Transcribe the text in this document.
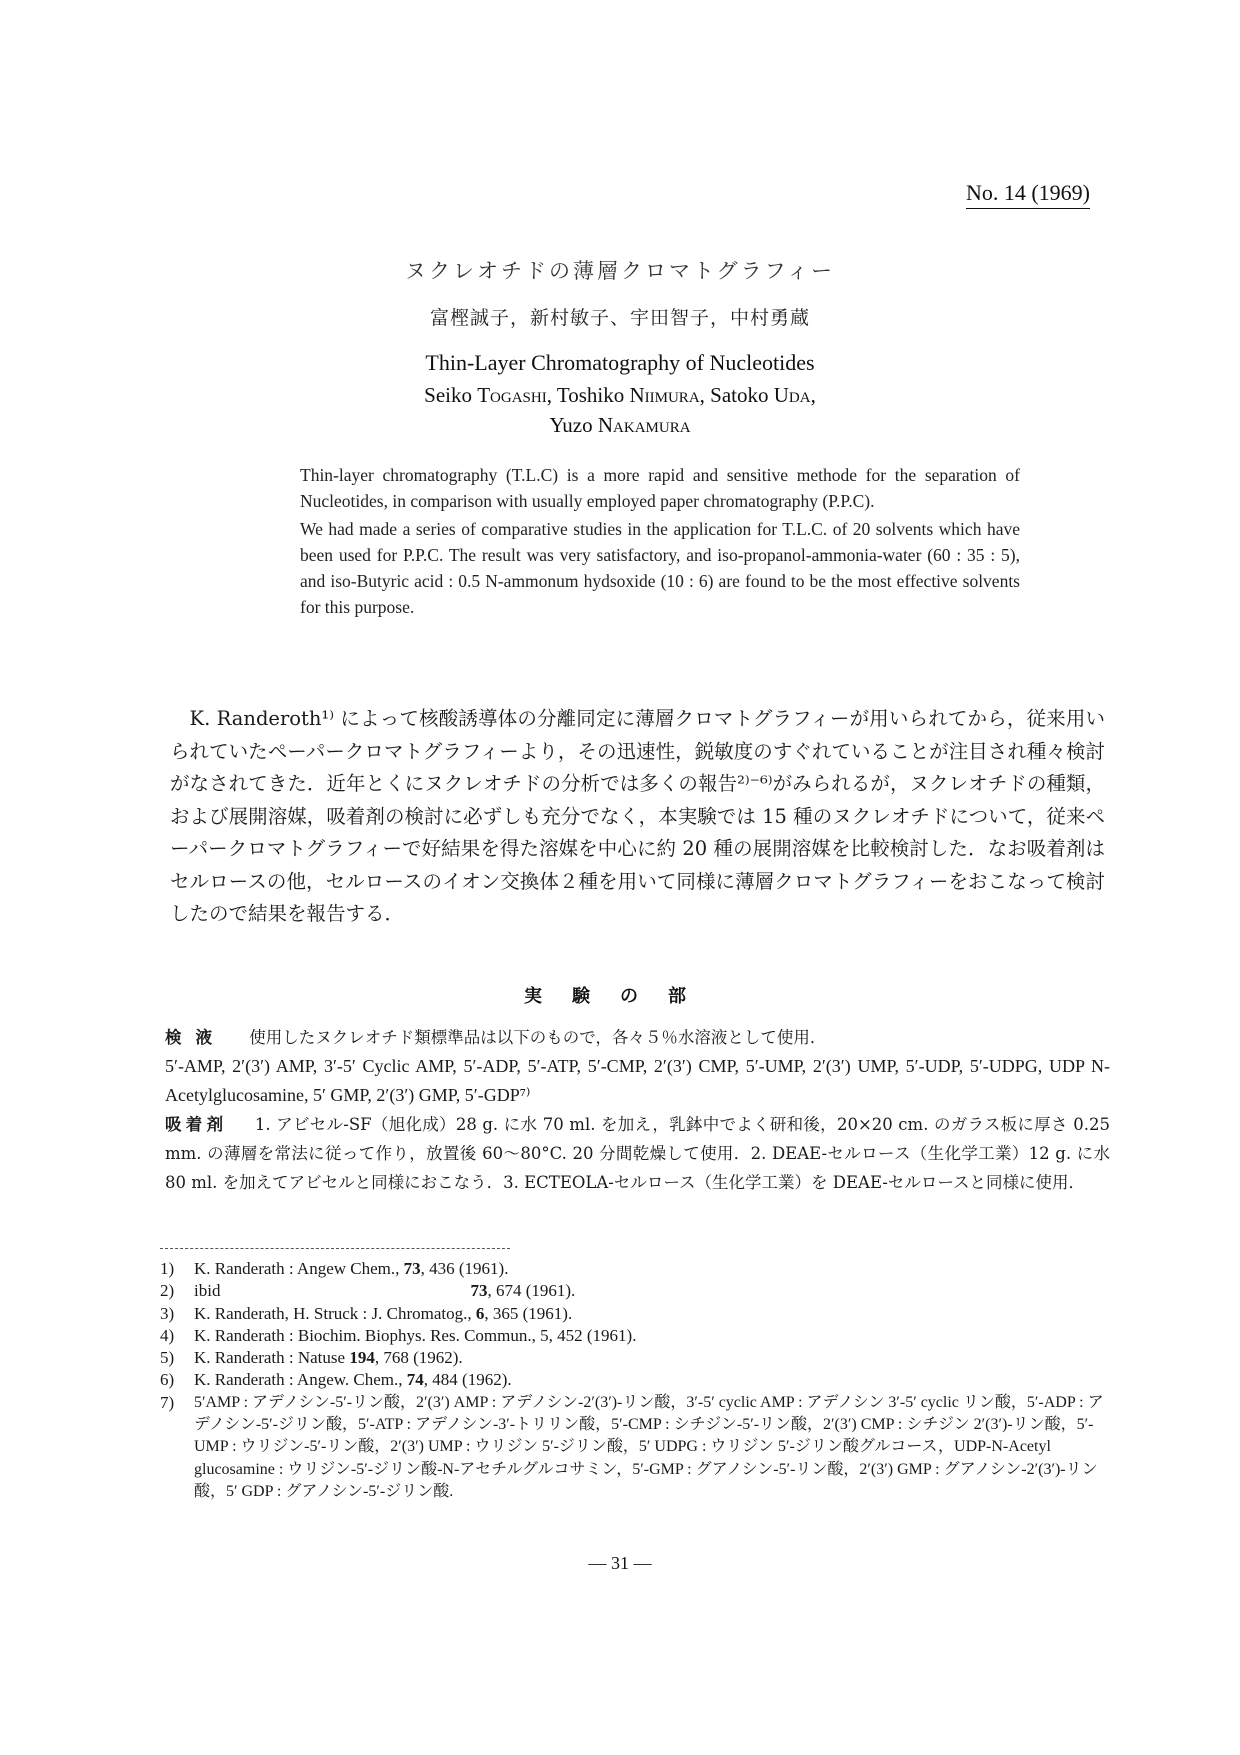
No. 14 (1969)
ヌクレオチドの薄層クロマトグラフィー
富樫誠子，新村敏子、宇田智子，中村勇蔵
Thin-Layer Chromatography of Nucleotides
Seiko Togashi, Toshiko Niimura, Satoko Uda,
Yuzo Nakamura

Thin-layer chromatography (T.L.C) is a more rapid and sensitive methode for the separation of Nucleotides, in comparison with usually employed paper chromatography (P.P.C).

We had made a series of comparative studies in the application for T.L.C. of 20 solvents which have been used for P.P.C. The result was very satisfactory, and iso-propanol-ammonia-water (60 : 35 : 5), and iso-Butyric acid : 0.5 N-ammonum hydsoxide (10 : 6) are found to be the most effective solvents for this purpose.

K. Randeroth¹⁾ によって核酸誘導体の分離同定に薄層クロマトグラフィーが用いられてから，従来用いられていたペーパークロマトグラフィーより，その迅速性，鋭敏度のすぐれていることが注目され種々検討がなされてきた．近年とくにヌクレオチドの分析では多くの報告²⁾⁻⁶⁾がみられるが，ヌクレオチドの種類，および展開溶媒，吸着剤の検討に必ずしも充分でなく，本実験では 15 種のヌクレオチドについて，従来ペーパークロマトグラフィーで好結果を得た溶媒を中心に約 20 種の展開溶媒を比較検討した．なお吸着剤はセルロースの他，セルロースのイオン交換体２種を用いて同様に薄層クロマトグラフィーをおこなって検討したので結果を報告する．

実験の部

検液 使用したヌクレオチド類標準品は以下のもので，各々５％水溶液として使用．

5′-AMP, 2′(3′) AMP, 3′-5′ Cyclic AMP, 5′-ADP, 5′-ATP, 5′-CMP, 2′(3′) CMP, 5′-UMP, 2′(3′) UMP, 5′-UDP, 5′-UDPG, UDP N-Acetylglucosamine, 5′ GMP, 2′(3′) GMP, 5′-GDP⁷⁾

吸着剤 1. アビセル-SF（旭化成）28 g. に水 70 ml. を加え，乳鉢中でよく研和後，20×20 cm. のガラス板に厚さ 0.25 mm. の薄層を常法に従って作り，放置後 60～80°C. 20 分間乾燥して使用．2. DEAE-セルロース（生化学工業）12 g. に水 80 ml. を加えてアビセルと同様におこなう．3. ECTEOLA-セルロース（生化学工業）を DEAE-セルロースと同様に使用．

1)	K. Randerath : Angew Chem., 73, 436 (1961).
2)	ibid	73, 674 (1961).
3)	K. Randerath, H. Struck : J. Chromatog., 6, 365 (1961).
4)	K. Randerath : Biochim. Biophys. Res. Commun., 5, 452 (1961).
5)	K. Randerath : Natuse 194, 768 (1962).
6)	K. Randerath : Angew. Chem., 74, 484 (1962).
7)	5′AMP : アデノシン-5′-リン酸，2′(3′) AMP : アデノシン-2′(3′)-リン酸，3′-5′ cyclic AMP : アデノシン 3′-5′ cyclic リン酸，5′-ADP : アデノシン-5′-ジリン酸，5′-ATP : アデノシン-3′-トリリン酸，5′-CMP : シチジン-5′-リン酸，2′(3′) CMP : シチジン 2′(3′)-リン酸，5′-UMP : ウリジン-5′-リン酸，2′(3′) UMP : ウリジン 5′-ジリン酸，5′ UDPG : ウリジン 5′-ジリン酸グルコース，UDP-N-Acetyl glucosamine : ウリジン-5′-ジリン酸-N-アセチルグルコサミン，5′-GMP : グアノシン-5′-リン酸，2′(3′) GMP : グアノシン-2′(3′)-リン酸，5′ GDP : グアノシン-5′-ジリン酸.
— 31 —
